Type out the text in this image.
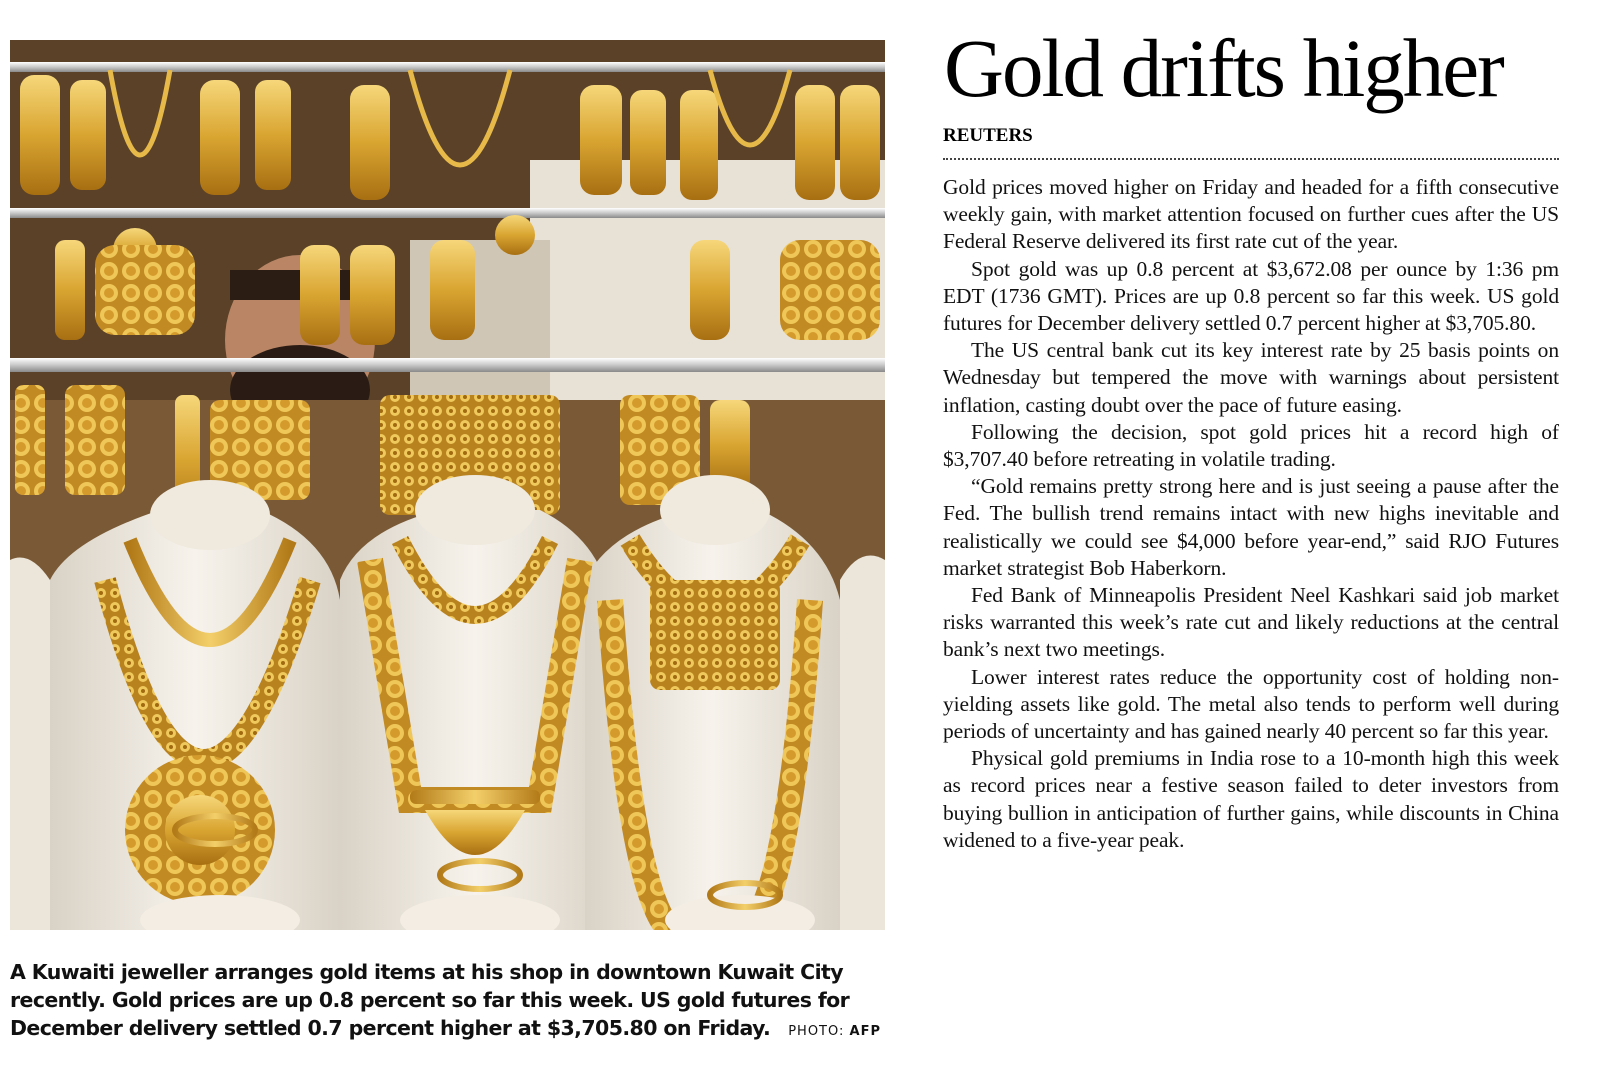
A Kuwaiti jeweller arranges gold items at his shop in downtown Kuwait City recently. Gold prices are up 0.8 percent so far this week. US gold futures for December delivery settled 0.7 percent higher at $3,705.80 on Friday. PHOTO: AFP
Gold drifts higher
REUTERS

Gold prices moved higher on Friday and headed for a fifth consecutive weekly gain, with market attention focused on further cues after the US Federal Reserve delivered its first rate cut of the year.

Spot gold was up 0.8 percent at $3,672.08 per ounce by 1:36 pm EDT (1736 GMT). Prices are up 0.8 percent so far this week. US gold futures for December delivery settled 0.7 percent higher at $3,705.80.

The US central bank cut its key interest rate by 25 basis points on Wednesday but tempered the move with warnings about persistent inflation, casting doubt over the pace of future easing.

Following the decision, spot gold prices hit a record high of $3,707.40 before retreating in volatile trading.

“Gold remains pretty strong here and is just seeing a pause after the Fed. The bullish trend remains intact with new highs inevitable and realistically we could see $4,000 before year-end,” said RJO Futures market strategist Bob Haberkorn.

Fed Bank of Minneapolis President Neel Kashkari said job market risks warranted this week’s rate cut and likely reductions at the central bank’s next two meetings.

Lower interest rates reduce the opportunity cost of holding non-yielding assets like gold. The metal also tends to perform well during periods of uncertainty and has gained nearly 40 percent so far this year.

Physical gold premiums in India rose to a 10-month high this week as record prices near a festive season failed to deter investors from buying bullion in anticipation of further gains, while discounts in China widened to a five-year peak.
